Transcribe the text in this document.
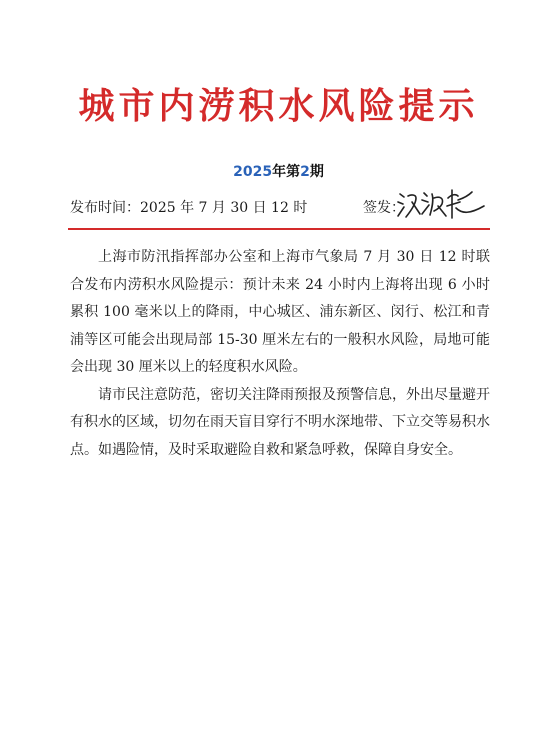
城市内涝积水风险提示
2025年第2期
发布时间：2025 年 7 月 30 日 12 时	签发：

上海市防汛指挥部办公室和上海市气象局 7 月 30 日 12 时联合发布内涝积水风险提示：预计未来 24 小时内上海将出现 6 小时累积 100 毫米以上的降雨，中心城区、浦东新区、闵行、松江和青浦等区可能会出现局部 15-30 厘米左右的一般积水风险，局地可能会出现 30 厘米以上的轻度积水风险。

请市民注意防范，密切关注降雨预报及预警信息，外出尽量避开有积水的区域，切勿在雨天盲目穿行不明水深地带、下立交等易积水点。如遇险情，及时采取避险自救和紧急呼救，保障自身安全。
